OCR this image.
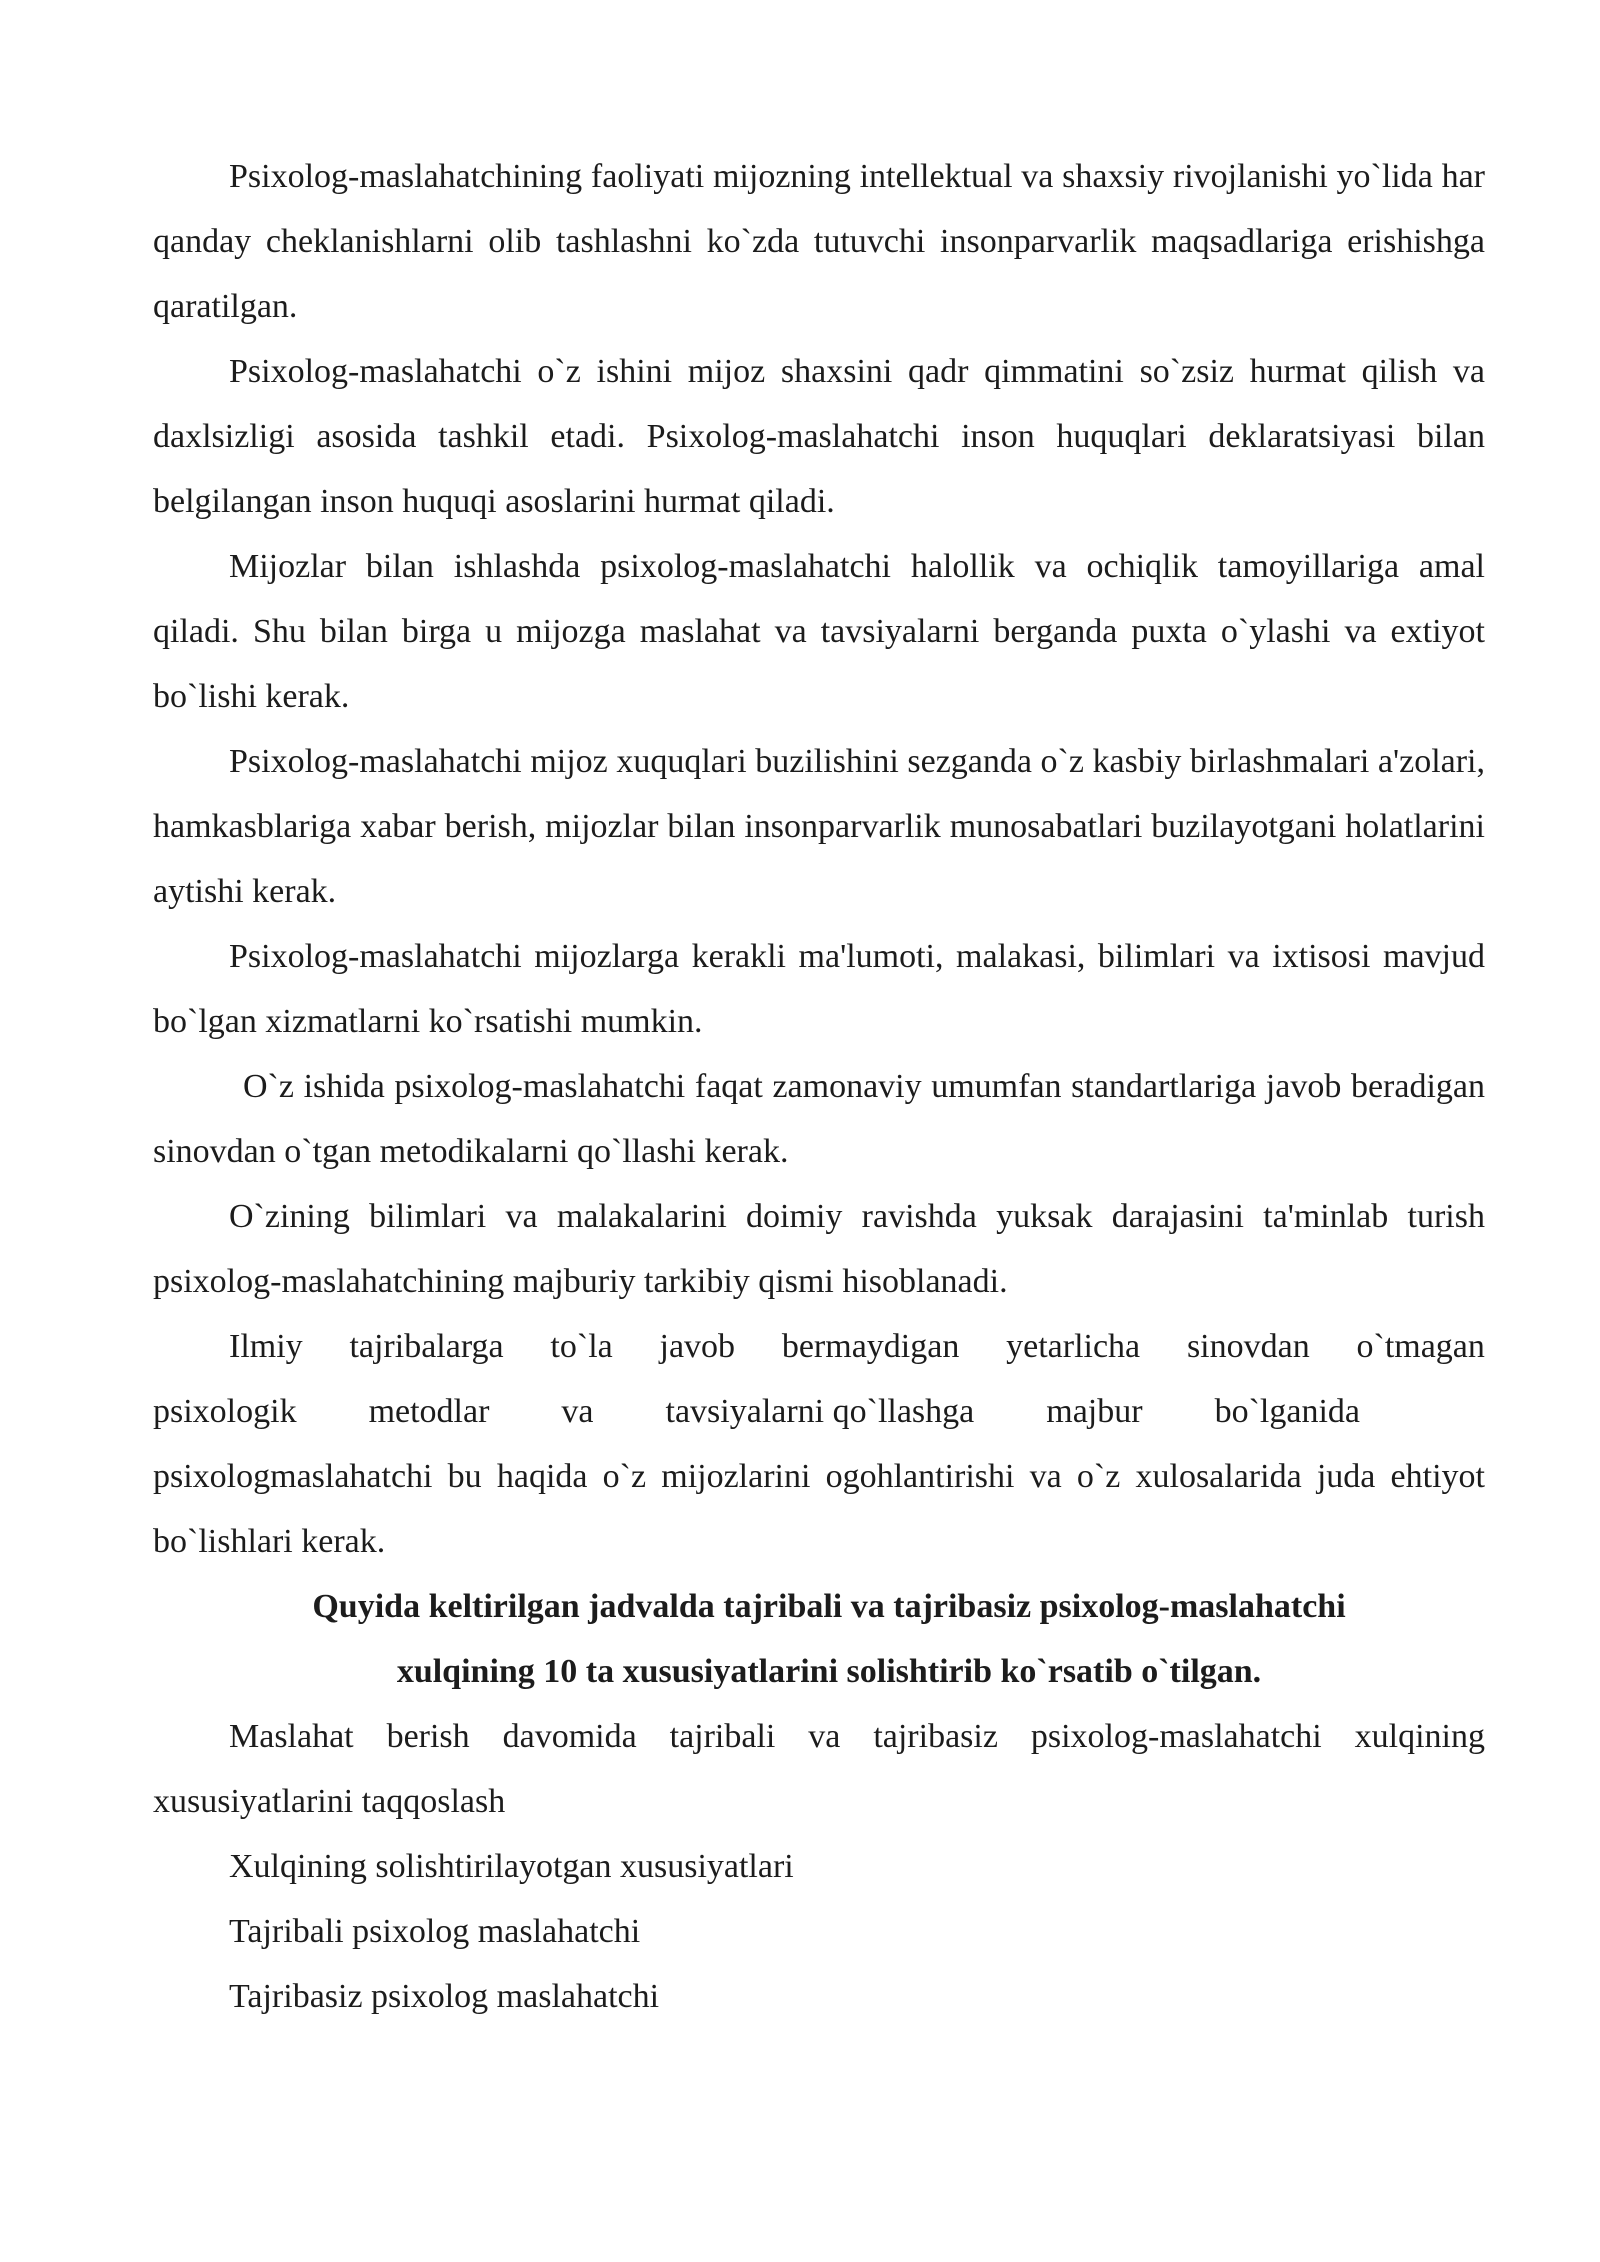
Psixolog-maslahatchining faoliyati mijozning intellektual va shaxsiy rivojlanishi yo`lida har qanday cheklanishlarni olib tashlashni ko`zda tutuvchi insonparvarlik maqsadlariga erishishga qaratilgan.

Psixolog-maslahatchi o`z ishini mijoz shaxsini qadr qimmatini so`zsiz hurmat qilish va daxlsizligi asosida tashkil etadi. Psixolog-maslahatchi inson huquqlari deklaratsiyasi bilan belgilangan inson huquqi asoslarini hurmat qiladi.

Mijozlar bilan ishlashda psixolog-maslahatchi halollik va ochiqlik tamoyillariga amal qiladi. Shu bilan birga u mijozga maslahat va tavsiyalarni berganda puxta o`ylashi va extiyot bo`lishi kerak.

Psixolog-maslahatchi mijoz xuquqlari buzilishini sezganda o`z kasbiy birlashmalari a'zolari, hamkasblariga xabar berish, mijozlar bilan insonparvarlik munosabatlari buzilayotgani holatlarini aytishi kerak.

Psixolog-maslahatchi mijozlarga kerakli ma'lumoti, malakasi, bilimlari va ixtisosi mavjud bo`lgan xizmatlarni ko`rsatishi mumkin.

O`z ishida psixolog-maslahatchi faqat zamonaviy umumfan standartlariga javob beradigan sinovdan o`tgan metodikalarni qo`llashi kerak.

O`zining bilimlari va malakalarini doimiy ravishda yuksak darajasini ta'minlab turish psixolog-maslahatchining majburiy tarkibiy qismi hisoblanadi.

Ilmiy tajribalarga to`la javob bermaydigan yetarlicha sinovdan o`tmagan

psixologik metodlar va tavsiyalarni qo`llashga majbur bo`lganida

psixologmaslahatchi bu haqida o`z mijozlarini ogohlantirishi va o`z xulosalarida juda ehtiyot bo`lishlari kerak.

Quyida keltirilgan jadvalda tajribali va tajribasiz psixolog-maslahatchi

xulqining 10 ta xususiyatlarini solishtirib ko`rsatib o`tilgan.

Maslahat berish davomida tajribali va tajribasiz psixolog-maslahatchi xulqining xususiyatlarini taqqoslash

Xulqining solishtirilayotgan xususiyatlari

Tajribali psixolog maslahatchi

Tajribasiz psixolog maslahatchi
